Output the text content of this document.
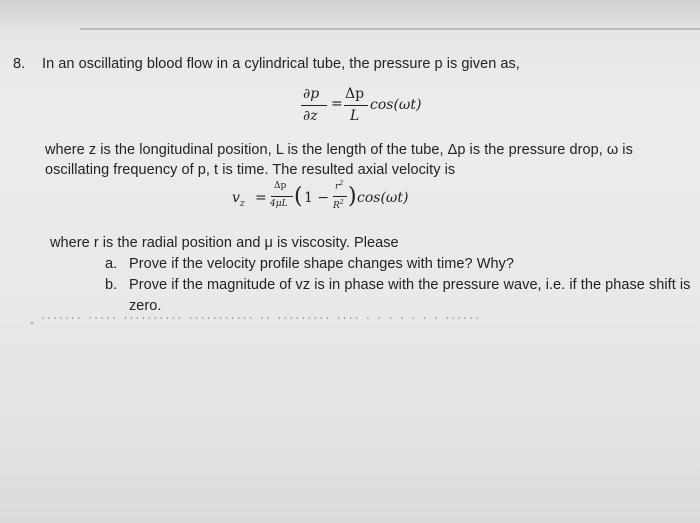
8. In an oscillating blood flow in a cylindrical tube, the pressure p is given as,
∂p
∂z
=
Δp
L
cos(ωt)
where z is the longitudinal position, L is the length of the tube, Δp is the pressure drop, ω is
oscillating frequency of p, t is time. The resulted axial velocity is
$v_z$ =
Δp
4μL ( 1 −
$r^2$
$R^2$ ) cos(ωt)
where r is the radial position and μ is viscosity. Please
a. Prove if the velocity profile shape changes with time? Why?
b. Prove if the magnitude of vz is in phase with the pressure wave, i.e. if the phase shift is
zero.
· ˙˙˙˙˙˙˙ ˙˙˙˙˙ ˙˙˙˙˙˙˙˙˙˙ ˙˙˙˙˙˙˙˙˙˙˙ ˙˙ ˙˙˙˙˙˙˙˙˙ ˙˙˙˙ ˙ ˙ ˙ ˙ ˙ ˙ ˙ ˙˙˙˙˙˙
